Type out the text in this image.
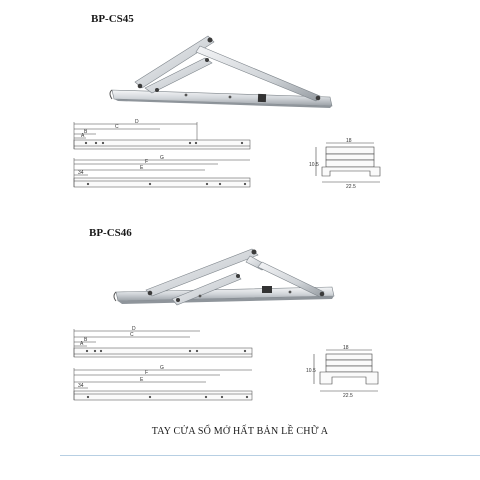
BP-CS45
BP-CS46
A
B
C
D
34
E
F
G
18
10.5
22.5
A
B
C
D
34
E
F
G
18
10.5
22.5
TAY CỬA SỔ MỞ HẤT BẢN LỀ CHỮ A
